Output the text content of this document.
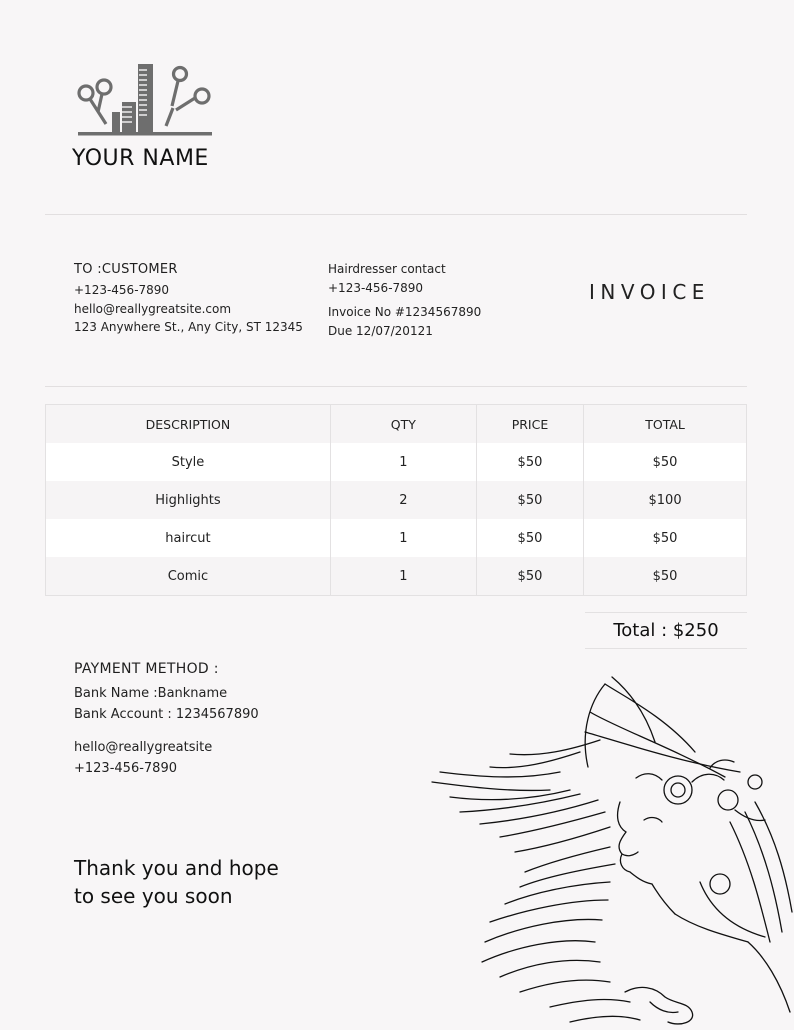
YOUR NAME
TO :CUSTOMER
+123-456-7890
hello@reallygreatsite.com
123 Anywhere St., Any City, ST 12345
Hairdresser contact
+123-456-7890
Invoice No #1234567890
Due 12/07/20121
INVOICE
DESCRIPTION	QTY	PRICE	TOTAL
Style	1	$50	$50
Highlights	2	$50	$100
haircut	1	$50	$50
Comic	1	$50	$50
Total : $250
PAYMENT METHOD :
Bank Name :Bankname
Bank Account : 1234567890
hello@reallygreatsite
+123-456-7890
Thank you and hope
to see you soon
